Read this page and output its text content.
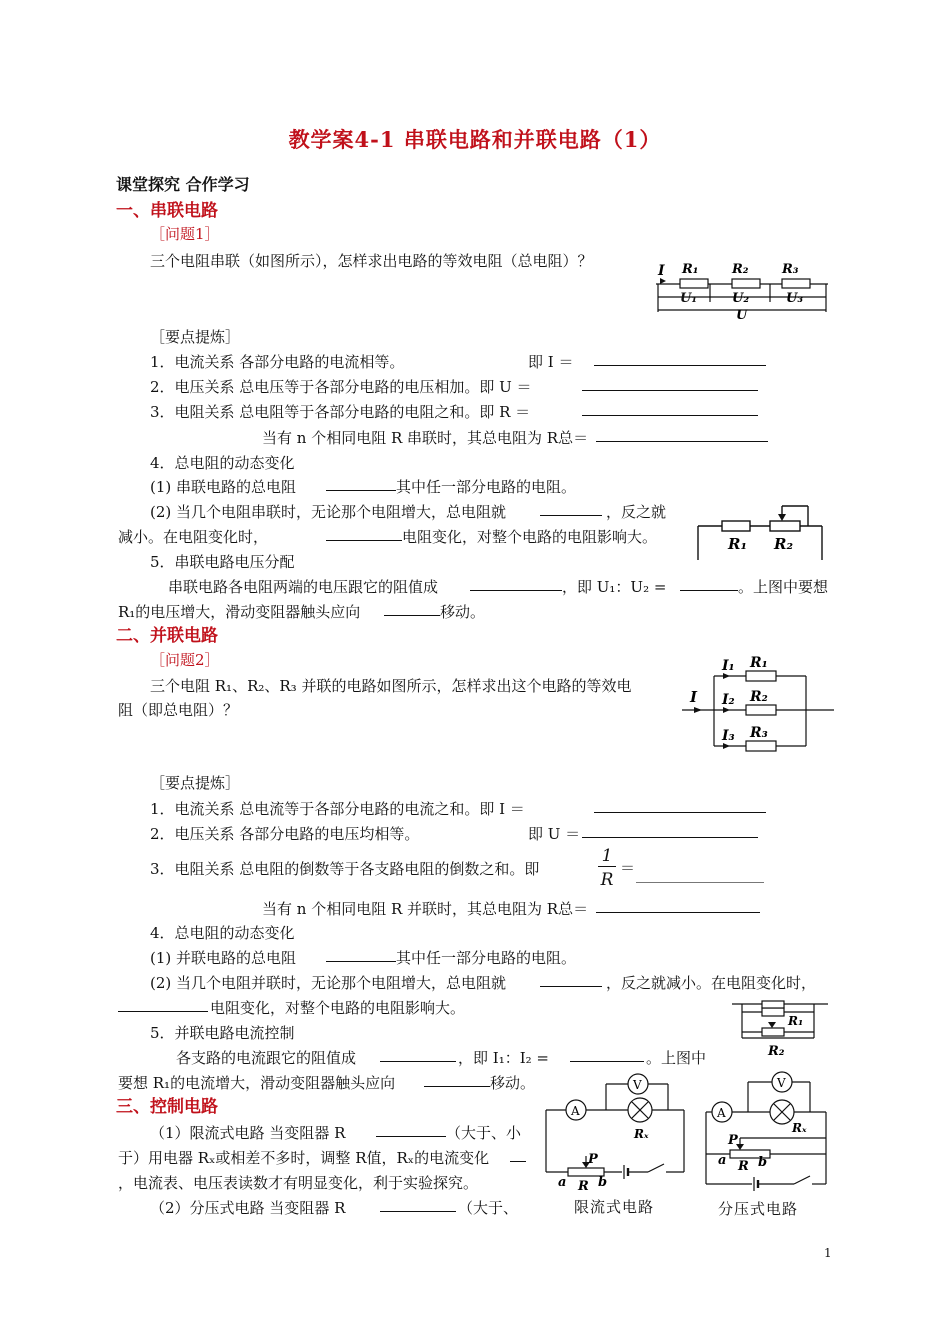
教学案4-1 串联电路和并联电路（1）
课堂探究 合作学习
一、串联电路
［问题1］
三个电阻串联（如图所示），怎样求出电路的等效电阻（总电阻）？
I R₁	R₂	R₃
U₁	U₂	U₃
U
［要点提炼］
1．电流关系 各部分电路的电流相等。	即 I ＝
2．电压关系 总电压等于各部分电路的电压相加。即 U ＝
3．电阻关系 总电阻等于各部分电路的电阻之和。即 R ＝
当有 n 个相同电阻 R 串联时，其总电阻为 R总＝
4．总电阻的动态变化
(1) 串联电路的总电阻	其中任一部分电路的电阻。
(2) 当几个电阻串联时，无论那个电阻增大，总电阻就	，反之就
减小。在电阻变化时，	电阻变化，对整个电路的电阻影响大。	R₁ R₂
5．串联电路电压分配
串联电路各电阻两端的电压跟它的阻值成	，即 U₁：U₂ =	。上图中要想
R₁的电压增大，滑动变阻器触头应向	移动。
二、并联电路
［问题2］
三个电阻 R₁、R₂、R₃ 并联的电路如图所示，怎样求出这个电路的等效电
阻（即总电阻）？
I
I₁
I₂
I₃
R₁
R₂
R₃
［要点提炼］
1．电流关系 总电流等于各部分电路的电流之和。即 I ＝
2．电压关系 各部分电路的电压均相等。	即 U ＝
3．电阻关系 总电阻的倒数等于各支路电阻的倒数之和。即
1
R
＝
当有 n 个相同电阻 R 并联时，其总电阻为 R总＝
4．总电阻的动态变化
(1) 并联电路的总电阻	其中任一部分电路的电阻。
(2) 当几个电阻并联时，无论那个电阻增大，总电阻就	，反之就减小。在电阻变化时，
电阻变化，对整个电路的电阻影响大。
R₁
R₂
5．并联电路电流控制
各支路的电流跟它的阻值成	，即 I₁：I₂ =	。上图中
要想 R₁的电流增大，滑动变阻器触头应向	移动。
三、控制电路
（1）限流式电路 当变阻器 R	（大于、小
于）用电器 Rₓ或相差不多时，调整 R值，Rₓ的电流变化
，电流表、电压表读数才有明显变化，利于实验探究。
（2）分压式电路 当变阻器 R	（大于、
A
V
Rₓ
P
a R b
限流式电路
A
V
Rₓ
P
a R b
分压式电路
1
